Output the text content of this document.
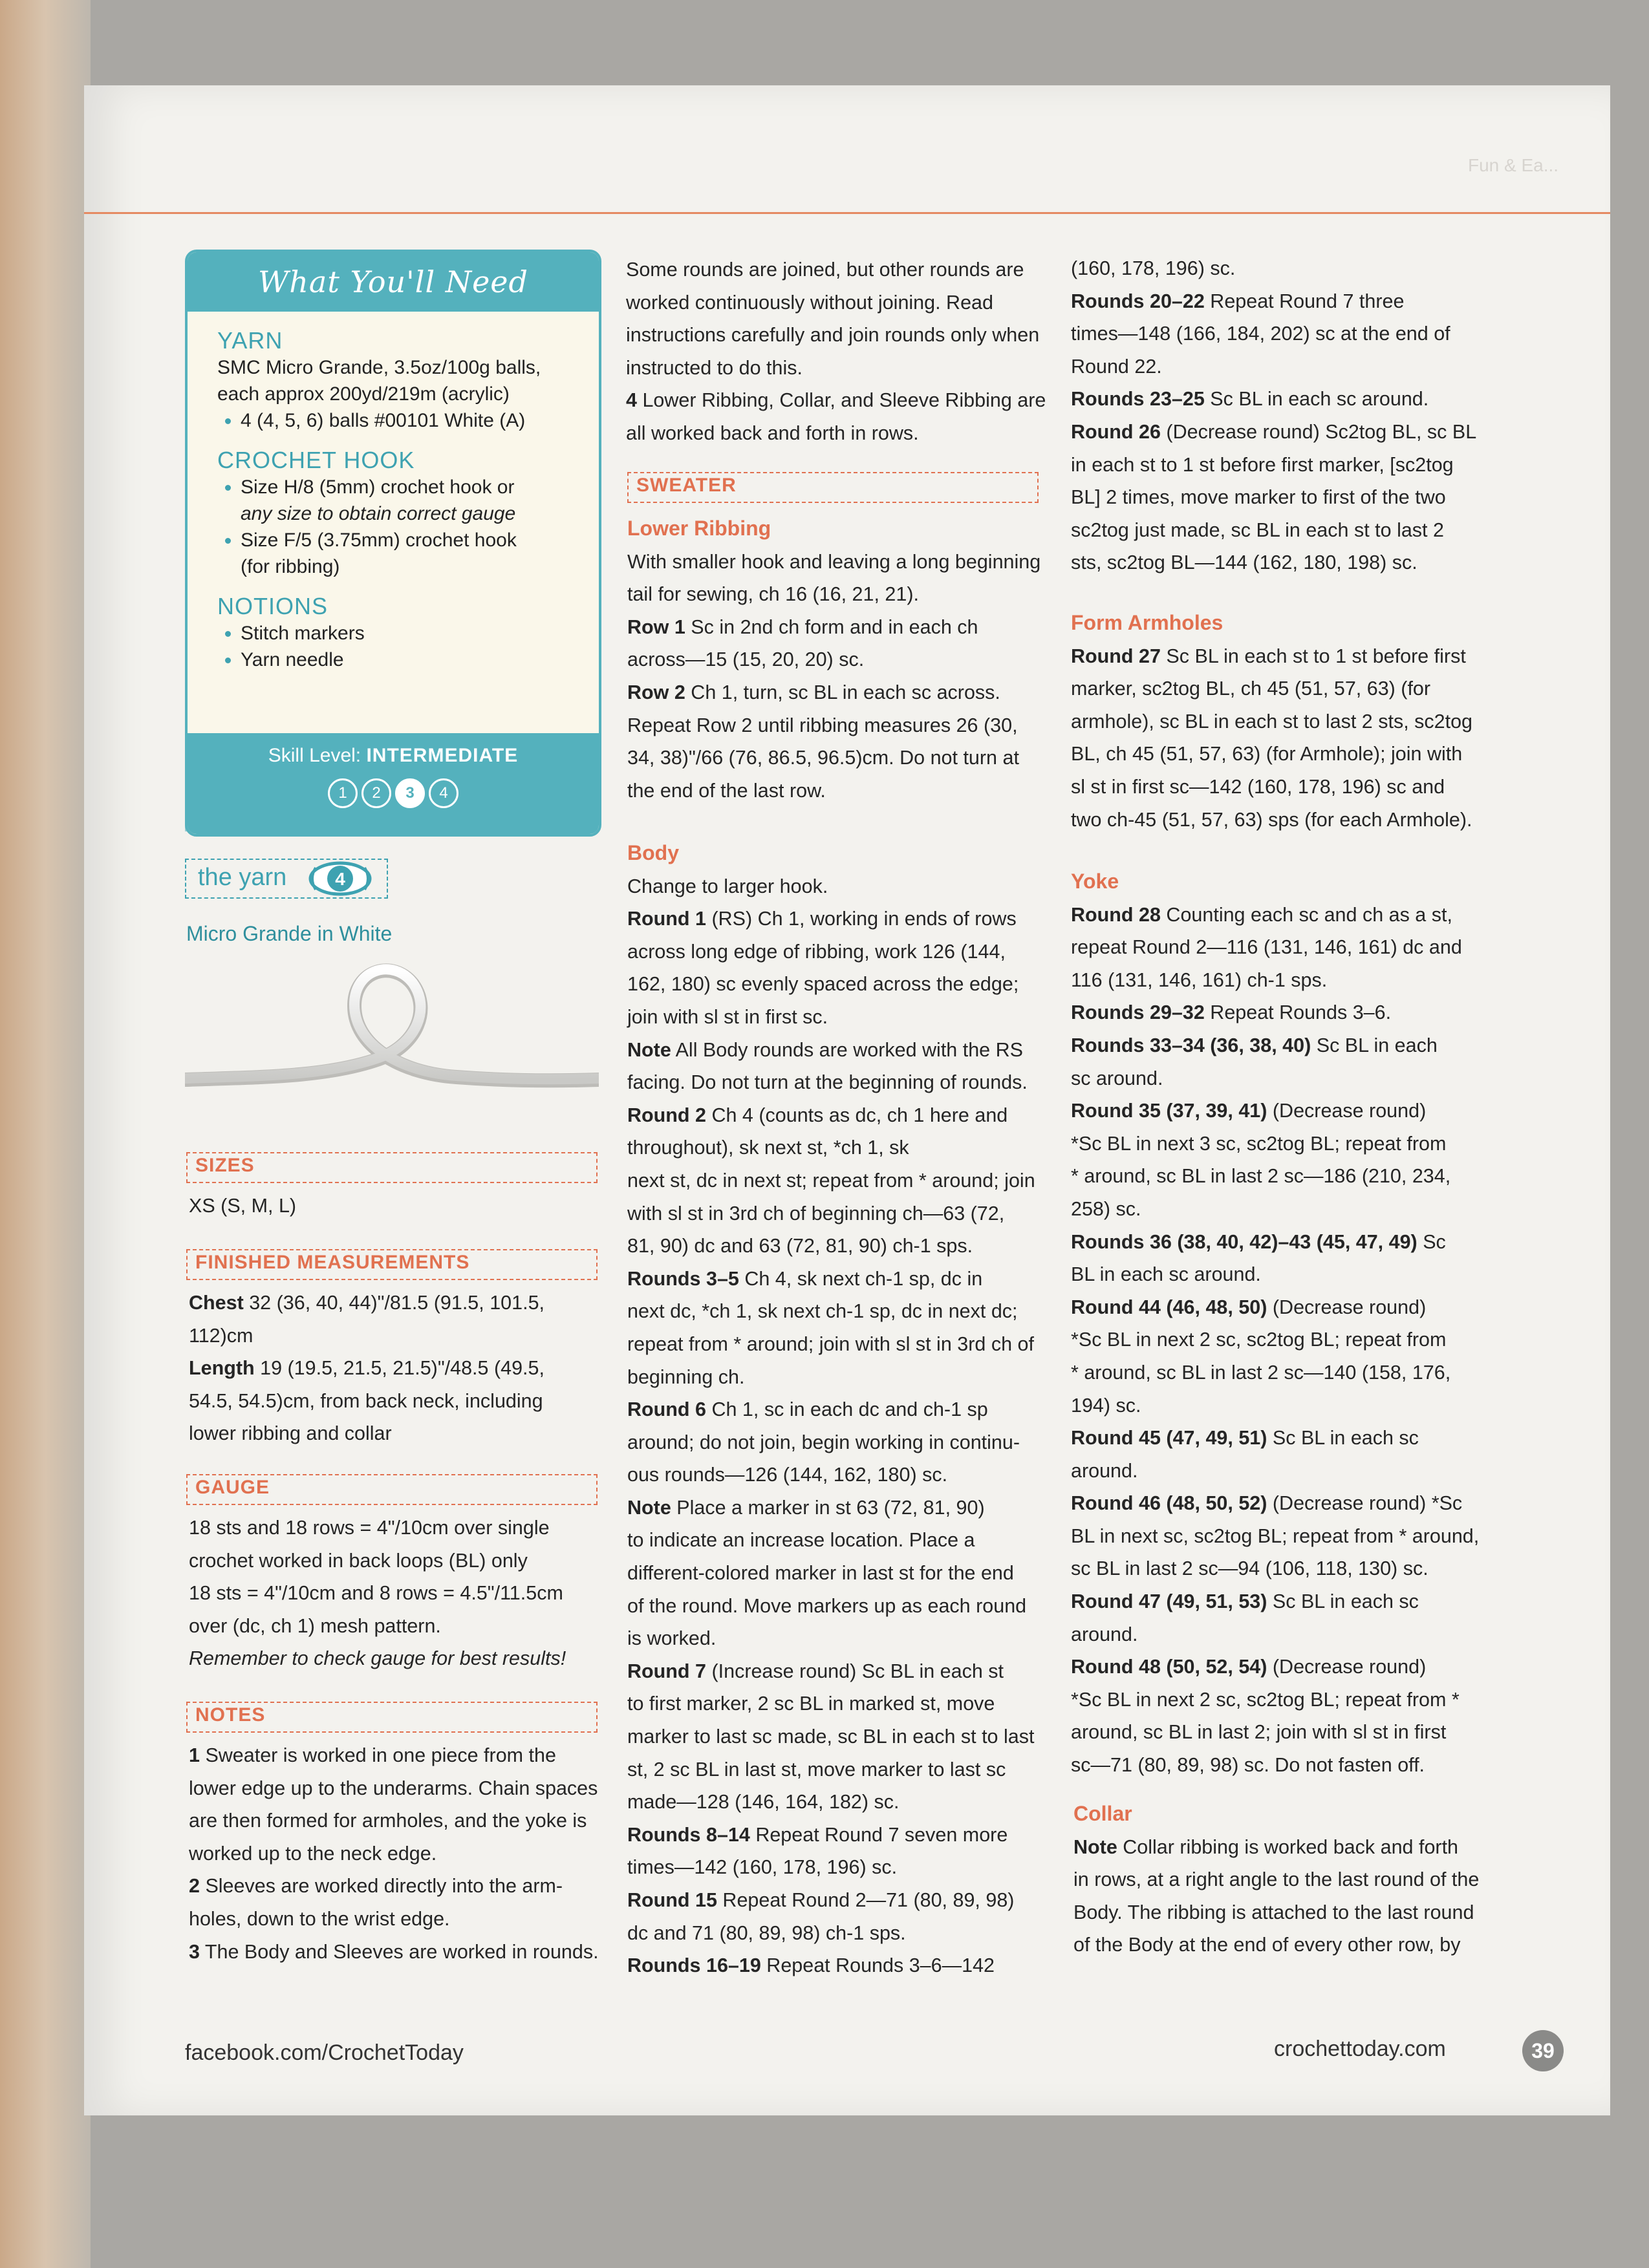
Fun & Ea...
What You'll Need
YARN
SMC Micro Grande, 3.5oz/100g balls,
each approx 200yd/219m (acrylic)
• 4 (4, 5, 6) balls #00101 White (A)
CROCHET HOOK
• Size H/8 (5mm) crochet hook or
any size to obtain correct gauge
• Size F/5 (3.75mm) crochet hook
(for ribbing)
NOTIONS
• Stitch markers
• Yarn needle
Skill Level: INTERMEDIATE
1	2	3	4
the yarn	4
Micro Grande in White
SIZES
XS (S, M, L)
FINISHED MEASUREMENTS
Chest 32 (36, 40, 44)"/81.5 (91.5, 101.5,
112)cm
Length 19 (19.5, 21.5, 21.5)"/48.5 (49.5,
54.5, 54.5)cm, from back neck, including
lower ribbing and collar
GAUGE
18 sts and 18 rows = 4"/10cm over single
crochet worked in back loops (BL) only
18 sts = 4"/10cm and 8 rows = 4.5"/11.5cm
over (dc, ch 1) mesh pattern.
Remember to check gauge for best results!
NOTES
1 Sweater is worked in one piece from the
lower edge up to the underarms. Chain spaces
are then formed for armholes, and the yoke is
worked up to the neck edge.
2 Sleeves are worked directly into the arm-
holes, down to the wrist edge.
3 The Body and Sleeves are worked in rounds.
Some rounds are joined, but other rounds are
worked continuously without joining. Read
instructions carefully and join rounds only when
instructed to do this.
4 Lower Ribbing, Collar, and Sleeve Ribbing are
all worked back and forth in rows.
SWEATER
Lower Ribbing
With smaller hook and leaving a long beginning
tail for sewing, ch 16 (16, 21, 21).
Row 1 Sc in 2nd ch form and in each ch
across—15 (15, 20, 20) sc.
Row 2 Ch 1, turn, sc BL in each sc across.
Repeat Row 2 until ribbing measures 26 (30,
34, 38)"/66 (76, 86.5, 96.5)cm. Do not turn at
the end of the last row.
Body
Change to larger hook.
Round 1 (RS) Ch 1, working in ends of rows
across long edge of ribbing, work 126 (144,
162, 180) sc evenly spaced across the edge;
join with sl st in first sc.
Note All Body rounds are worked with the RS
facing. Do not turn at the beginning of rounds.
Round 2 Ch 4 (counts as dc, ch 1 here and
throughout), sk next st, *ch 1, sk
next st, dc in next st; repeat from * around; join
with sl st in 3rd ch of beginning ch—63 (72,
81, 90) dc and 63 (72, 81, 90) ch-1 sps.
Rounds 3–5 Ch 4, sk next ch-1 sp, dc in
next dc, *ch 1, sk next ch-1 sp, dc in next dc;
repeat from * around; join with sl st in 3rd ch of
beginning ch.
Round 6 Ch 1, sc in each dc and ch-1 sp
around; do not join, begin working in continu-
ous rounds—126 (144, 162, 180) sc.
Note Place a marker in st 63 (72, 81, 90)
to indicate an increase location. Place a
different-colored marker in last st for the end
of the round. Move markers up as each round
is worked.
Round 7 (Increase round) Sc BL in each st
to first marker, 2 sc BL in marked st, move
marker to last sc made, sc BL in each st to last
st, 2 sc BL in last st, move marker to last sc
made—128 (146, 164, 182) sc.
Rounds 8–14 Repeat Round 7 seven more
times—142 (160, 178, 196) sc.
Round 15 Repeat Round 2—71 (80, 89, 98)
dc and 71 (80, 89, 98) ch-1 sps.
Rounds 16–19 Repeat Rounds 3–6—142
(160, 178, 196) sc.
Rounds 20–22 Repeat Round 7 three
times—148 (166, 184, 202) sc at the end of
Round 22.
Rounds 23–25 Sc BL in each sc around.
Round 26 (Decrease round) Sc2tog BL, sc BL
in each st to 1 st before first marker, [sc2tog
BL] 2 times, move marker to first of the two
sc2tog just made, sc BL in each st to last 2
sts, sc2tog BL—144 (162, 180, 198) sc.
Form Armholes
Round 27 Sc BL in each st to 1 st before first
marker, sc2tog BL, ch 45 (51, 57, 63) (for
armhole), sc BL in each st to last 2 sts, sc2tog
BL, ch 45 (51, 57, 63) (for Armhole); join with
sl st in first sc—142 (160, 178, 196) sc and
two ch-45 (51, 57, 63) sps (for each Armhole).
Yoke
Round 28 Counting each sc and ch as a st,
repeat Round 2—116 (131, 146, 161) dc and
116 (131, 146, 161) ch-1 sps.
Rounds 29–32 Repeat Rounds 3–6.
Rounds 33–34 (36, 38, 40) Sc BL in each
sc around.
Round 35 (37, 39, 41) (Decrease round)
*Sc BL in next 3 sc, sc2tog BL; repeat from
* around, sc BL in last 2 sc—186 (210, 234,
258) sc.
Rounds 36 (38, 40, 42)–43 (45, 47, 49) Sc
BL in each sc around.
Round 44 (46, 48, 50) (Decrease round)
*Sc BL in next 2 sc, sc2tog BL; repeat from
* around, sc BL in last 2 sc—140 (158, 176,
194) sc.
Round 45 (47, 49, 51) Sc BL in each sc
around.
Round 46 (48, 50, 52) (Decrease round) *Sc
BL in next sc, sc2tog BL; repeat from * around,
sc BL in last 2 sc—94 (106, 118, 130) sc.
Round 47 (49, 51, 53) Sc BL in each sc
around.
Round 48 (50, 52, 54) (Decrease round)
*Sc BL in next 2 sc, sc2tog BL; repeat from *
around, sc BL in last 2; join with sl st in first
sc—71 (80, 89, 98) sc. Do not fasten off.
Collar
Note Collar ribbing is worked back and forth
in rows, at a right angle to the last round of the
Body. The ribbing is attached to the last round
of the Body at the end of every other row, by
facebook.com/CrochetToday	crochettoday.com	39
